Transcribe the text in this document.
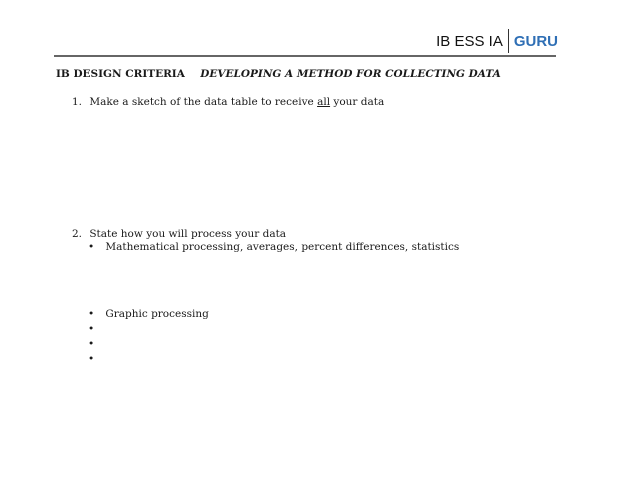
IB ESS IA GURU
IB DESIGN CRITERIA DEVELOPING A METHOD FOR COLLECTING DATA
1. Make a sketch of the data table to receive all your data
2. State how you will process your data
• Mathematical processing, averages, percent differences, statistics
• Graphic processing
•
•
•
